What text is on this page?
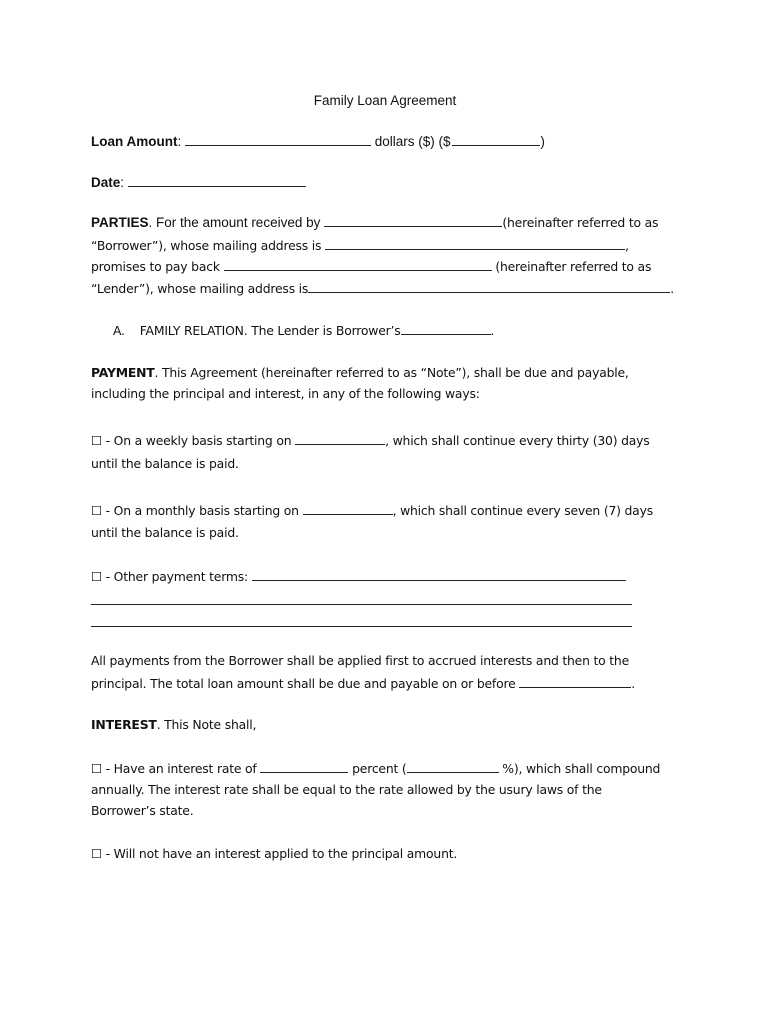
Family Loan Agreement
Loan Amount:	dollars ($) ($	)
Date:
PARTIES. For the amount received by	(hereinafter referred to as
“Borrower”), whose mailing address is	,
promises to pay back	(hereinafter referred to as
“Lender”), whose mailing address is	.
A. FAMILY RELATION. The Lender is Borrower’s	.
PAYMENT. This Agreement (hereinafter referred to as “Note”), shall be due and payable,
including the principal and interest, in any of the following ways:
☐ - On a weekly basis starting on	, which shall continue every thirty (30) days
until the balance is paid.
☐ - On a monthly basis starting on	, which shall continue every seven (7) days
until the balance is paid.
☐ - Other payment terms:
All payments from the Borrower shall be applied first to accrued interests and then to the
principal. The total loan amount shall be due and payable on or before	.
INTEREST. This Note shall,
☐ - Have an interest rate of	percent (	%), which shall compound
annually. The interest rate shall be equal to the rate allowed by the usury laws of the
Borrower’s state.
☐ - Will not have an interest applied to the principal amount.
